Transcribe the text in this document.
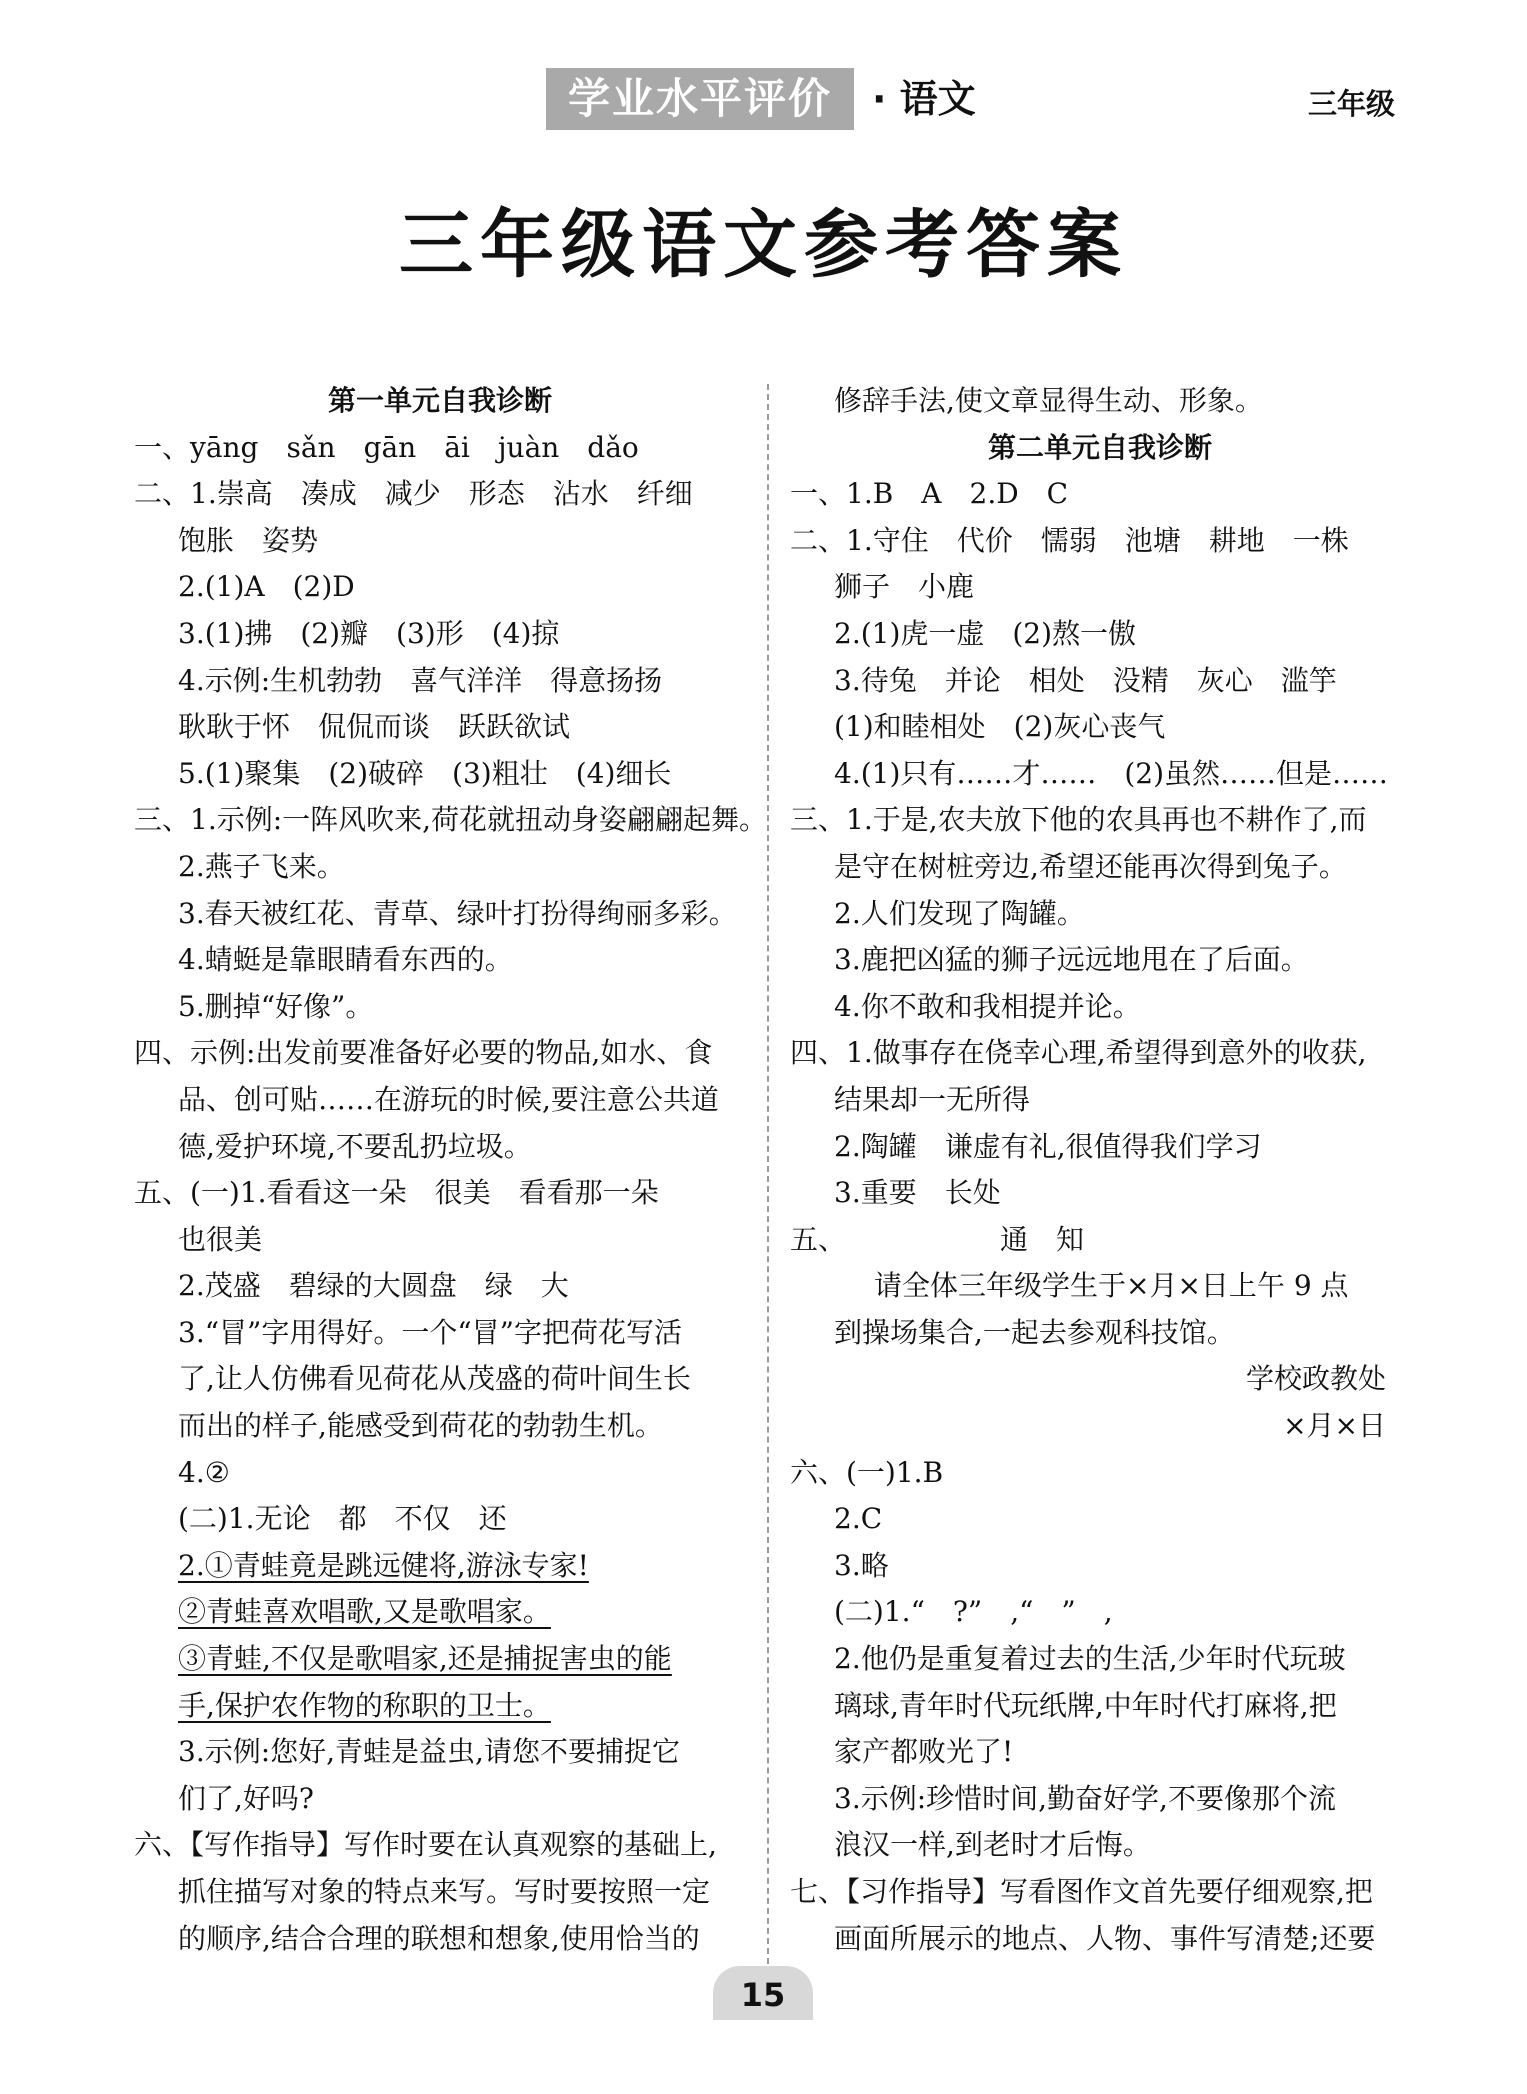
学业水平评价	· 语文	三年级
三年级语文参考答案
第一单元自我诊断
一、yāng　sǎn　gān　āi　juàn　dǎo
二、1.崇高　凑成　减少　形态　沾水　纤细
饱胀　姿势
2.(1)A　(2)D
3.(1)拂　(2)瓣　(3)形　(4)掠
4.示例:生机勃勃　喜气洋洋　得意扬扬
耿耿于怀　侃侃而谈　跃跃欲试
5.(1)聚集　(2)破碎　(3)粗壮　(4)细长
三、1.示例:一阵风吹来,荷花就扭动身姿翩翩起舞。
2.燕子飞来。
3.春天被红花、青草、绿叶打扮得绚丽多彩。
4.蜻蜓是靠眼睛看东西的。
5.删掉“好像”。
四、示例:出发前要准备好必要的物品,如水、食
品、创可贴……在游玩的时候,要注意公共道
德,爱护环境,不要乱扔垃圾。
五、(一)1.看看这一朵　很美　看看那一朵
也很美
2.茂盛　碧绿的大圆盘　绿　大
3.“冒”字用得好。一个“冒”字把荷花写活
了,让人仿佛看见荷花从茂盛的荷叶间生长
而出的样子,能感受到荷花的勃勃生机。
4.②
(二)1.无论　都　不仅　还
2.①青蛙竟是跳远健将,游泳专家!
②青蛙喜欢唱歌,又是歌唱家。
③青蛙,不仅是歌唱家,还是捕捉害虫的能
手,保护农作物的称职的卫士。
3.示例:您好,青蛙是益虫,请您不要捕捉它
们了,好吗?
六、【写作指导】写作时要在认真观察的基础上,
抓住描写对象的特点来写。写时要按照一定
的顺序,结合合理的联想和想象,使用恰当的
修辞手法,使文章显得生动、形象。
第二单元自我诊断
一、1.B　A　2.D　C
二、1.守住　代价　懦弱　池塘　耕地　一株
狮子　小鹿
2.(1)虎一虚　(2)熬一傲
3.待兔　并论　相处　没精　灰心　滥竽
(1)和睦相处　(2)灰心丧气
4.(1)只有……才……　(2)虽然……但是……
三、1.于是,农夫放下他的农具再也不耕作了,而
是守在树桩旁边,希望还能再次得到兔子。
2.人们发现了陶罐。
3.鹿把凶猛的狮子远远地甩在了后面。
4.你不敢和我相提并论。
四、1.做事存在侥幸心理,希望得到意外的收获,
结果却一无所得
2.陶罐　谦虚有礼,很值得我们学习
3.重要　长处
五、　　　　　　通　知
请全体三年级学生于×月×日上午 9 点
到操场集合,一起去参观科技馆。
学校政教处
×月×日
六、(一)1.B
2.C
3.略
(二)1.“　?”　,“　”　,
2.他仍是重复着过去的生活,少年时代玩玻
璃球,青年时代玩纸牌,中年时代打麻将,把
家产都败光了!
3.示例:珍惜时间,勤奋好学,不要像那个流
浪汉一样,到老时才后悔。
七、【习作指导】写看图作文首先要仔细观察,把
画面所展示的地点、人物、事件写清楚;还要
15
